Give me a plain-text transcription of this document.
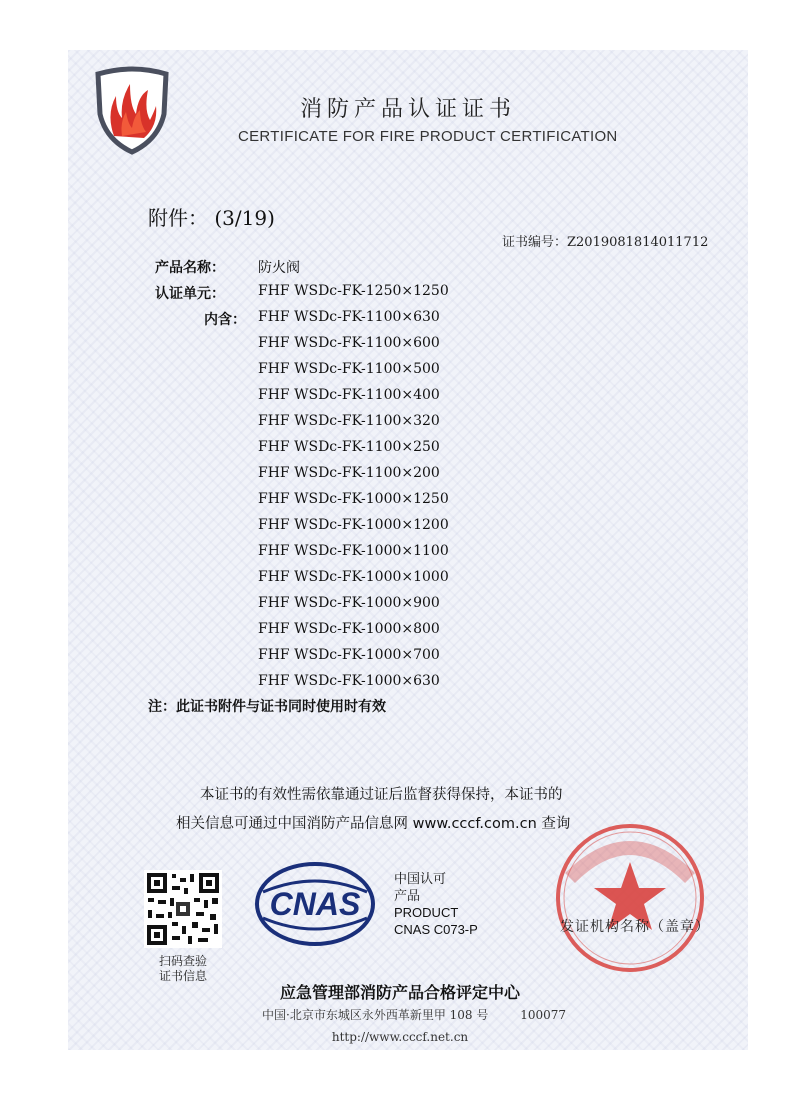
消防产品认证证书
CERTIFICATE FOR FIRE PRODUCT CERTIFICATION
附件： (3/19)
证书编号：Z2019081814011712
产品名称： 防火阀
认证单元： FHF WSDc-FK-1250×1250
内含： FHF WSDc-FK-1100×630
FHF WSDc-FK-1100×600
FHF WSDc-FK-1100×500
FHF WSDc-FK-1100×400
FHF WSDc-FK-1100×320
FHF WSDc-FK-1100×250
FHF WSDc-FK-1100×200
FHF WSDc-FK-1000×1250
FHF WSDc-FK-1000×1200
FHF WSDc-FK-1000×1100
FHF WSDc-FK-1000×1000
FHF WSDc-FK-1000×900
FHF WSDc-FK-1000×800
FHF WSDc-FK-1000×700
FHF WSDc-FK-1000×630
注：此证书附件与证书同时使用时有效
本证书的有效性需依靠通过证后监督获得保持，本证书的
相关信息可通过中国消防产品信息网 www.cccf.com.cn 查询
发证机构名称（盖章）
扫码查验
证书信息
CNAS
中国认可
产品
PRODUCT
CNAS C073-P
应急管理部消防产品合格评定中心
中国·北京市东城区永外西革新里甲 108 号	100077
http://www.cccf.net.cn
